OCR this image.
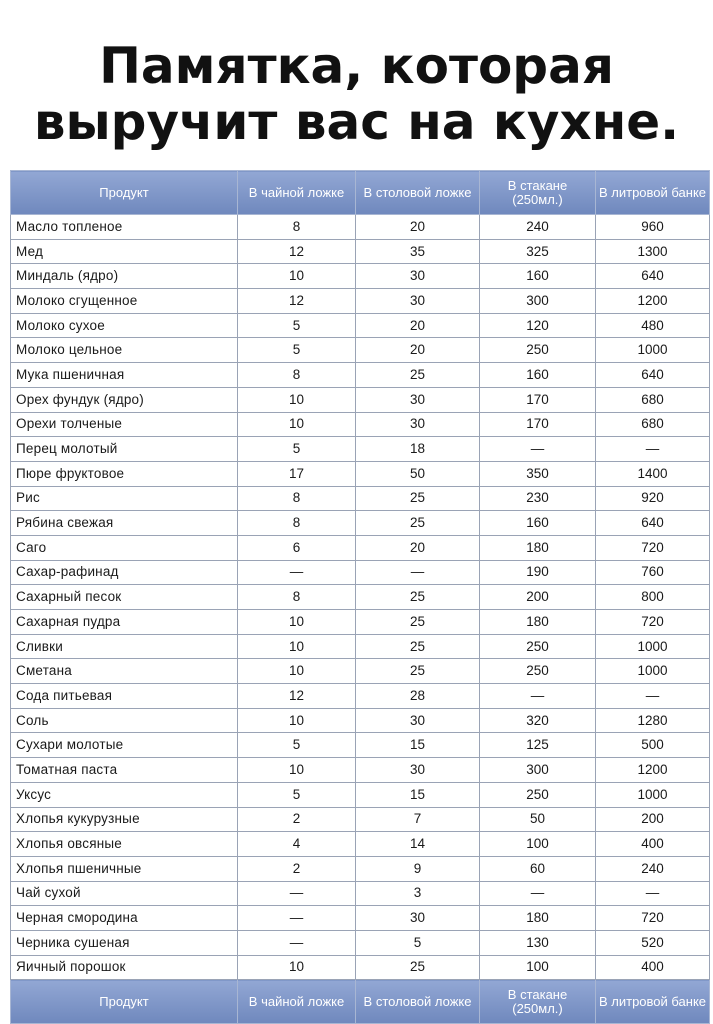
Памятка, которая
выручит вас на кухне.
Продукт	В чайной ложке	В столовой ложке	В стакане (250мл.)	В литровой банке
Масло топленое	8	20	240	960
Мед	12	35	325	1300
Миндаль (ядро)	10	30	160	640
Молоко сгущенное	12	30	300	1200
Молоко сухое	5	20	120	480
Молоко цельное	5	20	250	1000
Мука пшеничная	8	25	160	640
Орех фундук (ядро)	10	30	170	680
Орехи толченые	10	30	170	680
Перец молотый	5	18	—	—
Пюре фруктовое	17	50	350	1400
Рис	8	25	230	920
Рябина свежая	8	25	160	640
Саго	6	20	180	720
Сахар-рафинад	—	—	190	760
Сахарный песок	8	25	200	800
Сахарная пудра	10	25	180	720
Сливки	10	25	250	1000
Сметана	10	25	250	1000
Сода питьевая	12	28	—	—
Соль	10	30	320	1280
Сухари молотые	5	15	125	500
Томатная паста	10	30	300	1200
Уксус	5	15	250	1000
Хлопья кукурузные	2	7	50	200
Хлопья овсяные	4	14	100	400
Хлопья пшеничные	2	9	60	240
Чай сухой	—	3	—	—
Черная смородина	—	30	180	720
Черника сушеная	—	5	130	520
Яичный порошок	10	25	100	400
Продукт	В чайной ложке	В столовой ложке	В стакане (250мл.)	В литровой банке
